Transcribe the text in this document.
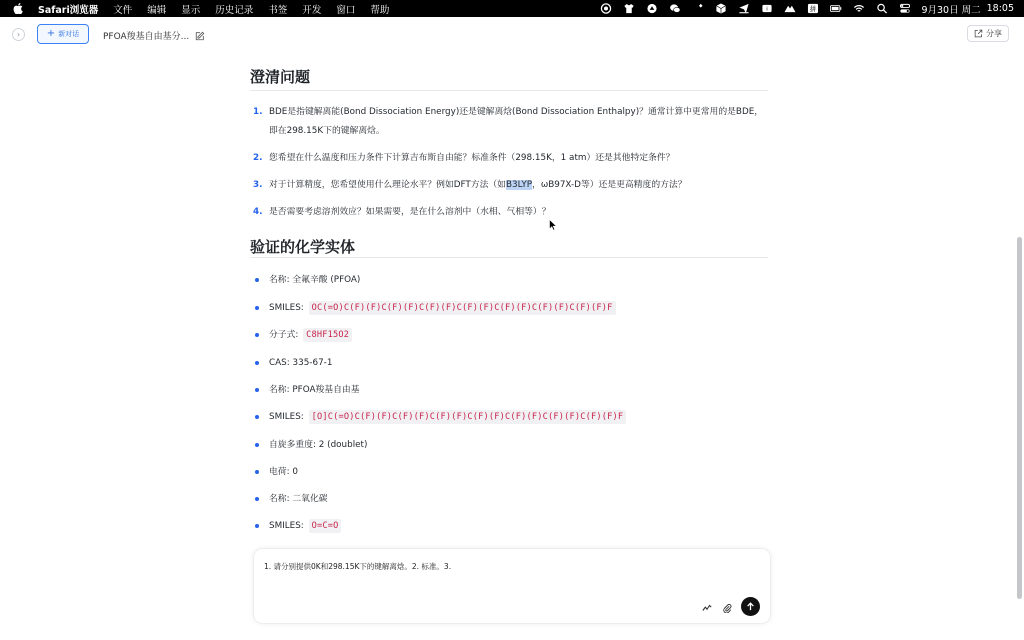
Safari浏览器 文件 编辑 显示 历史记录 书签 开发 窗口 帮助	i	拼	9月30日 周二 18:05
›	+ 新对话	PFOA羧基自由基分...	分享
澄清问题
1. BDE是指键解离能(Bond Dissociation Energy)还是键解离焓(Bond Dissociation Enthalpy)？通常计算中更常用的是BDE，即在298.15K下的键解离焓。
2. 您希望在什么温度和压力条件下计算吉布斯自由能？标准条件（298.15K，1 atm）还是其他特定条件？
3. 对于计算精度，您希望使用什么理论水平？例如DFT方法（如B3LYP，ωB97X-D等）还是更高精度的方法？
4. 是否需要考虑溶剂效应？如果需要，是在什么溶剂中（水相、气相等）？
验证的化学实体
名称: 全氟辛酸 (PFOA)
SMILES: OC(=O)C(F)(F)C(F)(F)C(F)(F)C(F)(F)C(F)(F)C(F)(F)C(F)(F)F
分子式: C8HF15O2
CAS: 335-67-1
名称: PFOA羧基自由基
SMILES: [O]C(=O)C(F)(F)C(F)(F)C(F)(F)C(F)(F)C(F)(F)C(F)(F)C(F)(F)F
自旋多重度: 2 (doublet)
电荷: 0
名称: 二氧化碳
SMILES: O=C=O
1. 请分别提供0K和298.15K下的键解离焓。2. 标准。3.
